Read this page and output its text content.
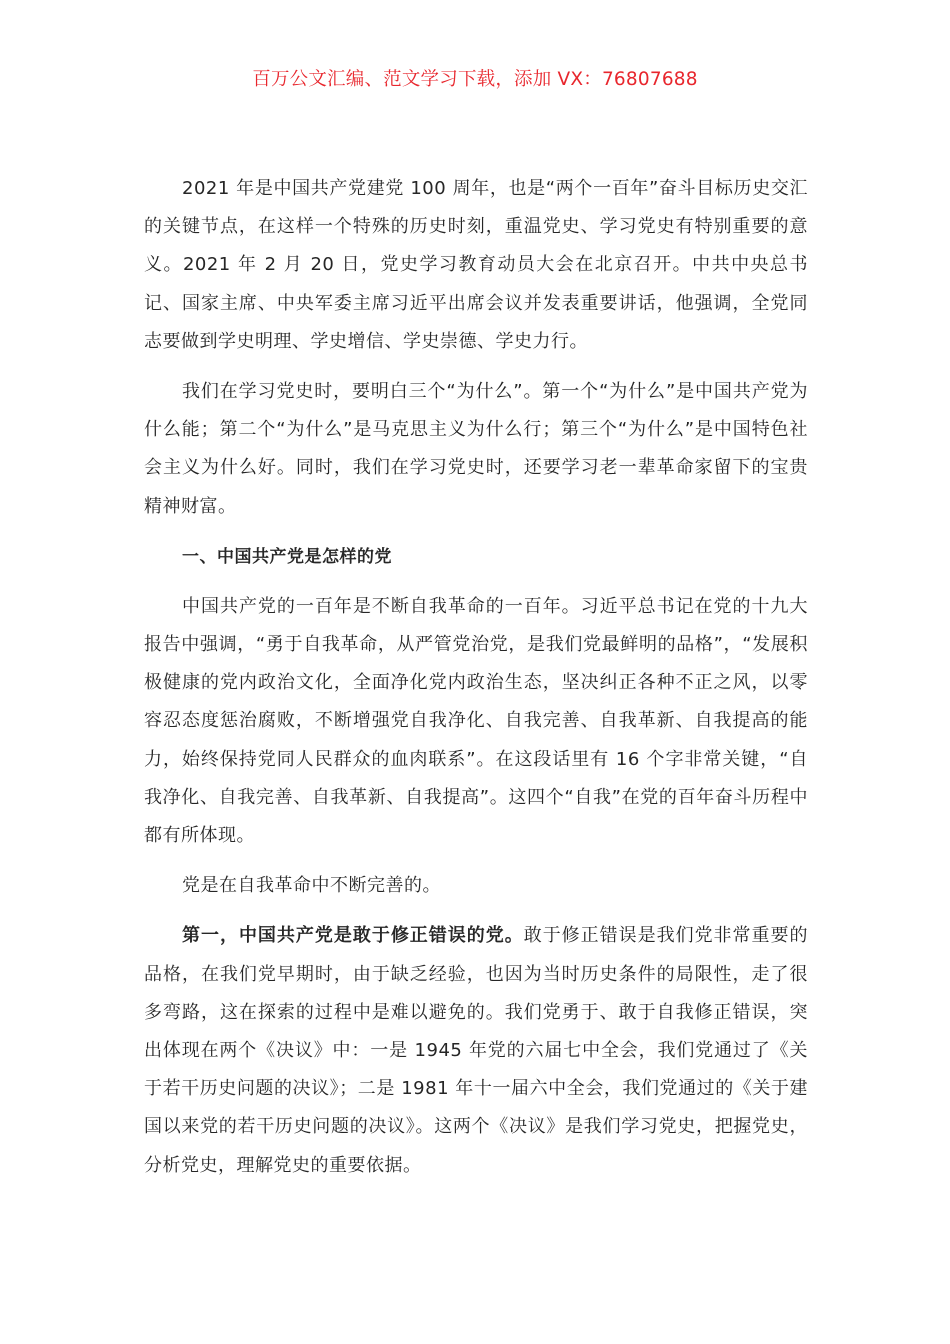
百万公文汇编、范文学习下载，添加 VX：76807688

2021 年是中国共产党建党 100 周年，也是“两个一百年”奋斗目标历史交汇的关键节点，在这样一个特殊的历史时刻，重温党史、学习党史有特别重要的意义。2021 年 2 月 20 日，党史学习教育动员大会在北京召开。中共中央总书记、国家主席、中央军委主席习近平出席会议并发表重要讲话，他强调，全党同志要做到学史明理、学史增信、学史崇德、学史力行。

我们在学习党史时，要明白三个“为什么”。第一个“为什么”是中国共产党为什么能；第二个“为什么”是马克思主义为什么行；第三个“为什么”是中国特色社会主义为什么好。同时，我们在学习党史时，还要学习老一辈革命家留下的宝贵精神财富。

一、中国共产党是怎样的党

中国共产党的一百年是不断自我革命的一百年。习近平总书记在党的十九大报告中强调，“勇于自我革命，从严管党治党，是我们党最鲜明的品格”，“发展积极健康的党内政治文化，全面净化党内政治生态，坚决纠正各种不正之风，以零容忍态度惩治腐败，不断增强党自我净化、自我完善、自我革新、自我提高的能力，始终保持党同人民群众的血肉联系”。在这段话里有 16 个字非常关键，“自我净化、自我完善、自我革新、自我提高”。这四个“自我”在党的百年奋斗历程中都有所体现。

党是在自我革命中不断完善的。

第一，中国共产党是敢于修正错误的党。敢于修正错误是我们党非常重要的品格，在我们党早期时，由于缺乏经验，也因为当时历史条件的局限性，走了很多弯路，这在探索的过程中是难以避免的。我们党勇于、敢于自我修正错误，突出体现在两个《决议》中：一是 1945 年党的六届七中全会，我们党通过了《关于若干历史问题的决议》；二是 1981 年十一届六中全会，我们党通过的《关于建国以来党的若干历史问题的决议》。这两个《决议》是我们学习党史，把握党史，分析党史，理解党史的重要依据。
